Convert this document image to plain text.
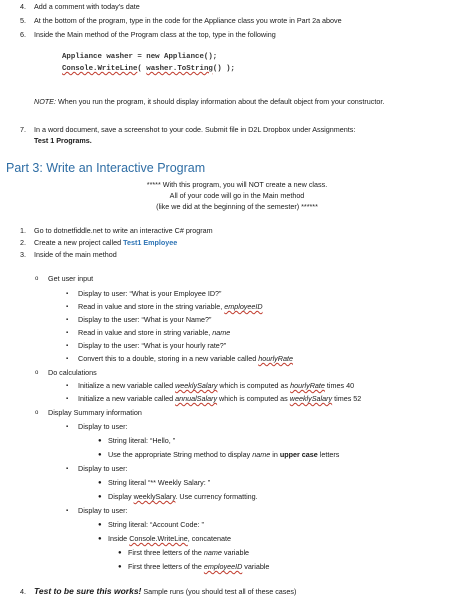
4. Add a comment with today’s date
5. At the bottom of the program, type in the code for the Appliance class you wrote in Part 2a above
6. Inside the Main method of the Program class at the top, type in the following
Appliance washer = new Appliance();
Console.WriteLine( washer.ToString() );
NOTE: When you run the program, it should display information about the default object from your constructor.
7. In a word document, save a screenshot to your code. Submit file in D2L Dropbox under Assignments:
Test 1 Programs.
Part 3: Write an Interactive Program
***** With this program, you will NOT create a new class.
All of your code will go in the Main method
(like we did at the beginning of the semester) ******
1. Go to dotnetfiddle.net to write an interactive C# program
2. Create a new project called Test1 Employee
3. Inside of the main method
o Get user input
▪ Display to user: “What is your Employee ID?”
▪ Read in value and store in the string variable, employeeID
▪ Display to the user: “What is your Name?”
▪ Read in value and store in string variable, name
▪ Display to the user: “What is your hourly rate?”
▪ Convert this to a double, storing in a new variable called hourlyRate
o Do calculations
▪ Initialize a new variable called weeklySalary which is computed as hourlyRate times 40
▪ Initialize a new variable called annualSalary which is computed as weeklySalary times 52
o Display Summary information
▪ Display to user:
● String literal: “Hello, ”
● Use the appropriate String method to display name in upper case letters
▪ Display to user:
● String literal “** Weekly Salary: ”
● Display weeklySalary. Use currency formatting.
▪ Display to user:
● String literal: “Account Code: ”
● Inside Console.WriteLine, concatenate
● First three letters of the name variable
● First three letters of the employeeID variable
4. Test to be sure this works! Sample runs (you should test all of these cases)
